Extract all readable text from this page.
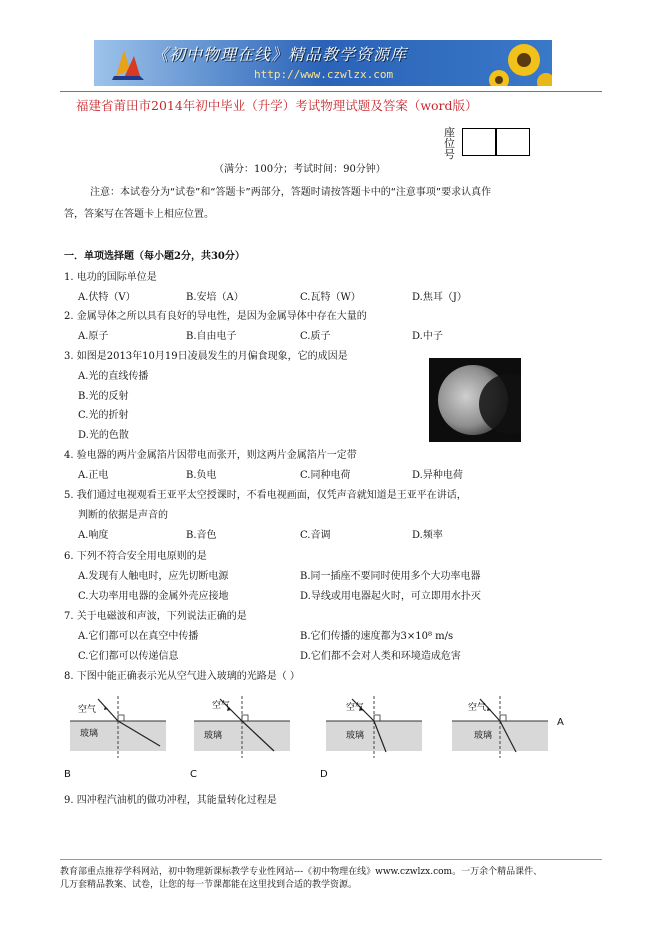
《初中物理在线》精品教学资源库
http://www.czwlzx.com
福建省莆田市2014年初中毕业（升学）考试物理试题及答案（word版）
座位号
（满分：100分；考试时间：90分钟）
注意：本试卷分为“试卷”和“答题卡”两部分，答题时请按答题卡中的“注意事项”要求认真作
答，答案写在答题卡上相应位置。
一．单项选择题（每小题2分，共30分）
1. 电功的国际单位是
A.伏特（V）	B.安培（A）	C.瓦特（W）	D.焦耳（J）
2. 金属导体之所以具有良好的导电性，是因为金属导体中存在大量的
A.原子	B.自由电子	C.质子	D.中子
3. 如图是2013年10月19日凌晨发生的月偏食现象，它的成因是
A.光的直线传播
B.光的反射
C.光的折射
D.光的色散
4. 验电器的两片金属箔片因带电而张开，则这两片金属箔片一定带
A.正电	B.负电	C.同种电荷	D.异种电荷
5. 我们通过电视观看王亚平太空授课时，不看电视画面，仅凭声音就知道是王亚平在讲话，
判断的依据是声音的
A.响度	B.音色	C.音调	D.频率
6. 下列不符合安全用电原则的是
A.发现有人触电时，应先切断电源	B.同一插座不要同时使用多个大功率电器
C.大功率用电器的金属外壳应接地	D.导线或用电器起火时，可立即用水扑灭
7. 关于电磁波和声波，下列说法正确的是
A.它们都可以在真空中传播	B.它们传播的速度都为3×10⁸ m/s
C.它们都可以传递信息	D.它们都不会对人类和环境造成危害
8. 下图中能正确表示光从空气进入玻璃的光路是（ ）
空气
玻璃
空气
玻璃
空气
玻璃
空气
玻璃
A
B	C	D
9. 四冲程汽油机的做功冲程，其能量转化过程是
教育部重点推荐学科网站，初中物理新课标教学专业性网站---《初中物理在线》www.czwlzx.com。一万余个精品课件、
几万套精品教案、试卷，让您的每一节课都能在这里找到合适的教学资源。
